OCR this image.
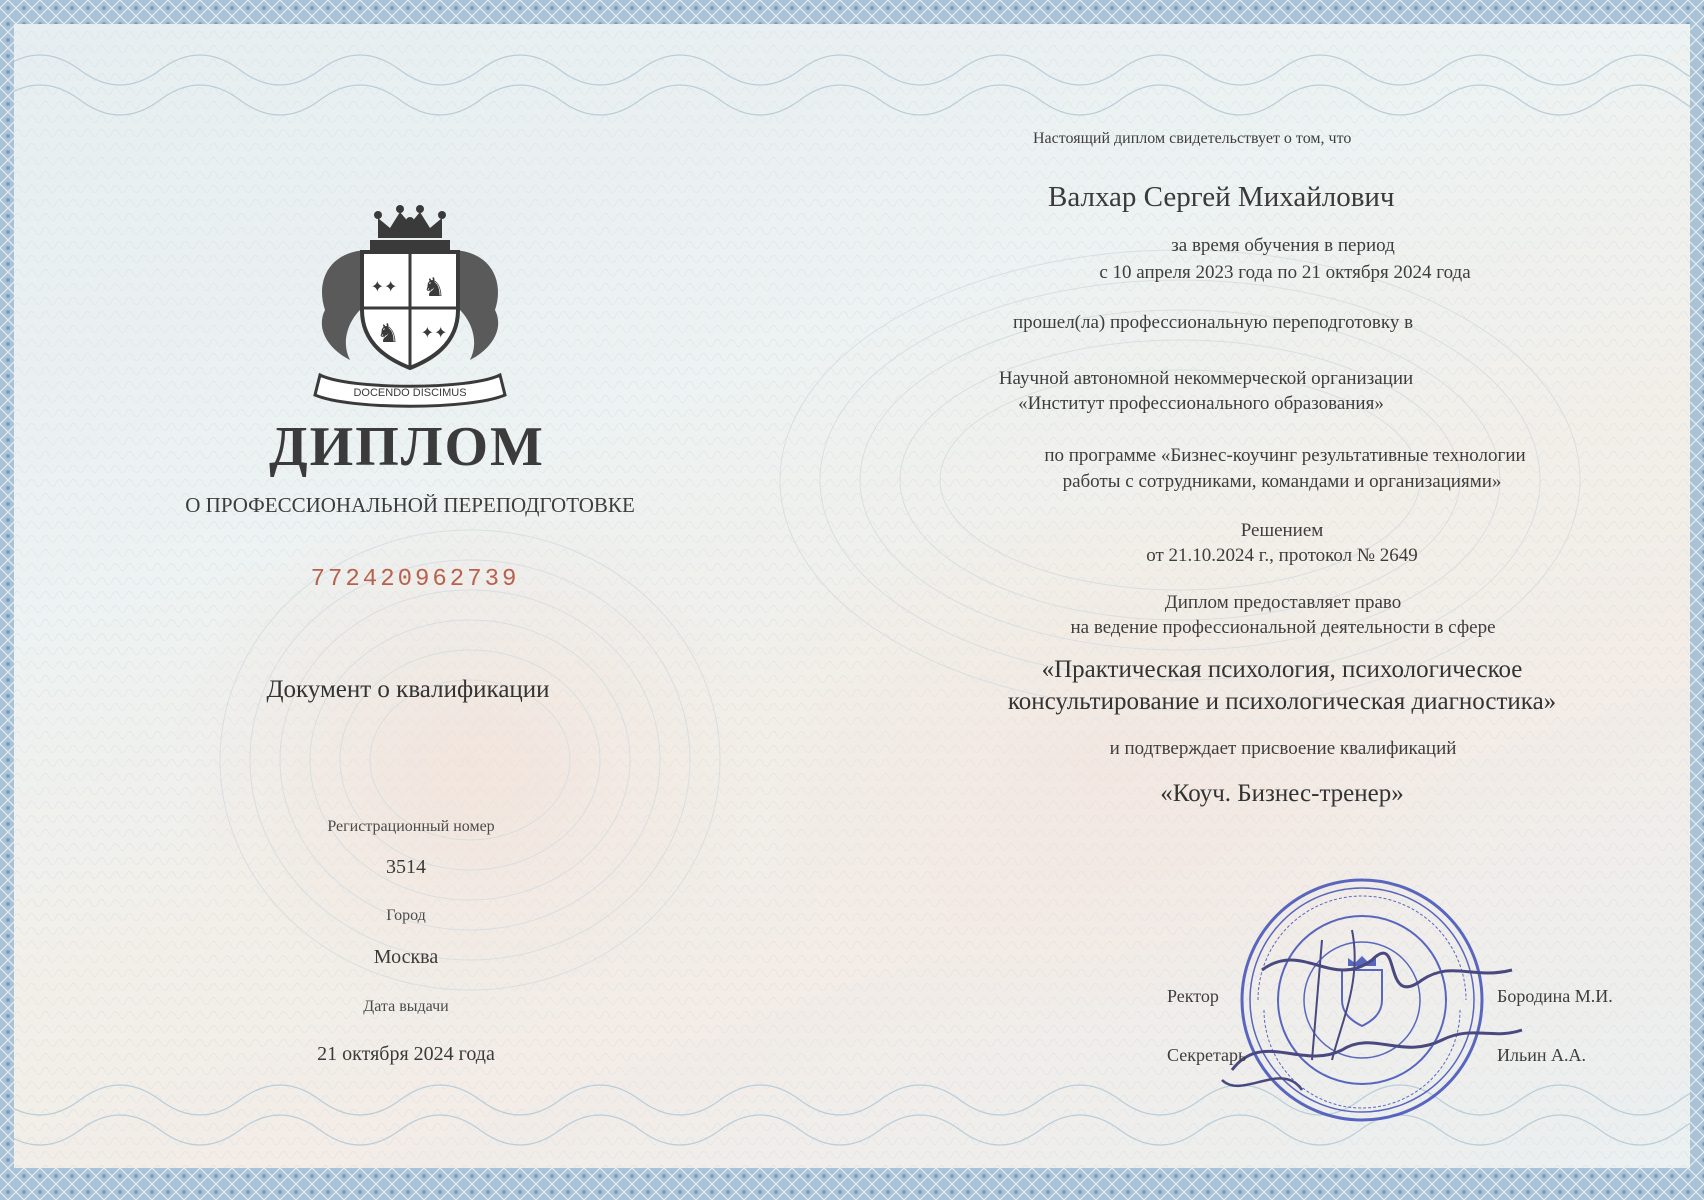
✦✦ ♞
♞ ✦✦
DOCENDO DISCIMUS
ДИПЛОМ
О ПРОФЕССИОНАЛЬНОЙ ПЕРЕПОДГОТОВКЕ
772420962739
Документ о квалификации
Регистрационный номер
3514
Город
Москва
Дата выдачи
21 октября 2024 года
Настоящий диплом свидетельствует о том, что
Валхар Сергей Михайлович
за время обучения в период
с 10 апреля 2023 года по 21 октября 2024 года
прошел(ла) профессиональную переподготовку в
Научной автономной некоммерческой организации
«Институт профессионального образования»
по программе «Бизнес-коучинг результативные технологии
работы с сотрудниками, командами и организациями»
Решением
от 21.10.2024 г., протокол № 2649
Диплом предоставляет право
на ведение профессиональной деятельности в сфере
«Практическая психология, психологическое
консультирование и психологическая диагностика»
и подтверждает присвоение квалификаций
«Коуч. Бизнес-тренер»
Ректор	Бородина М.И.
Секретарь	Ильин А.А.
